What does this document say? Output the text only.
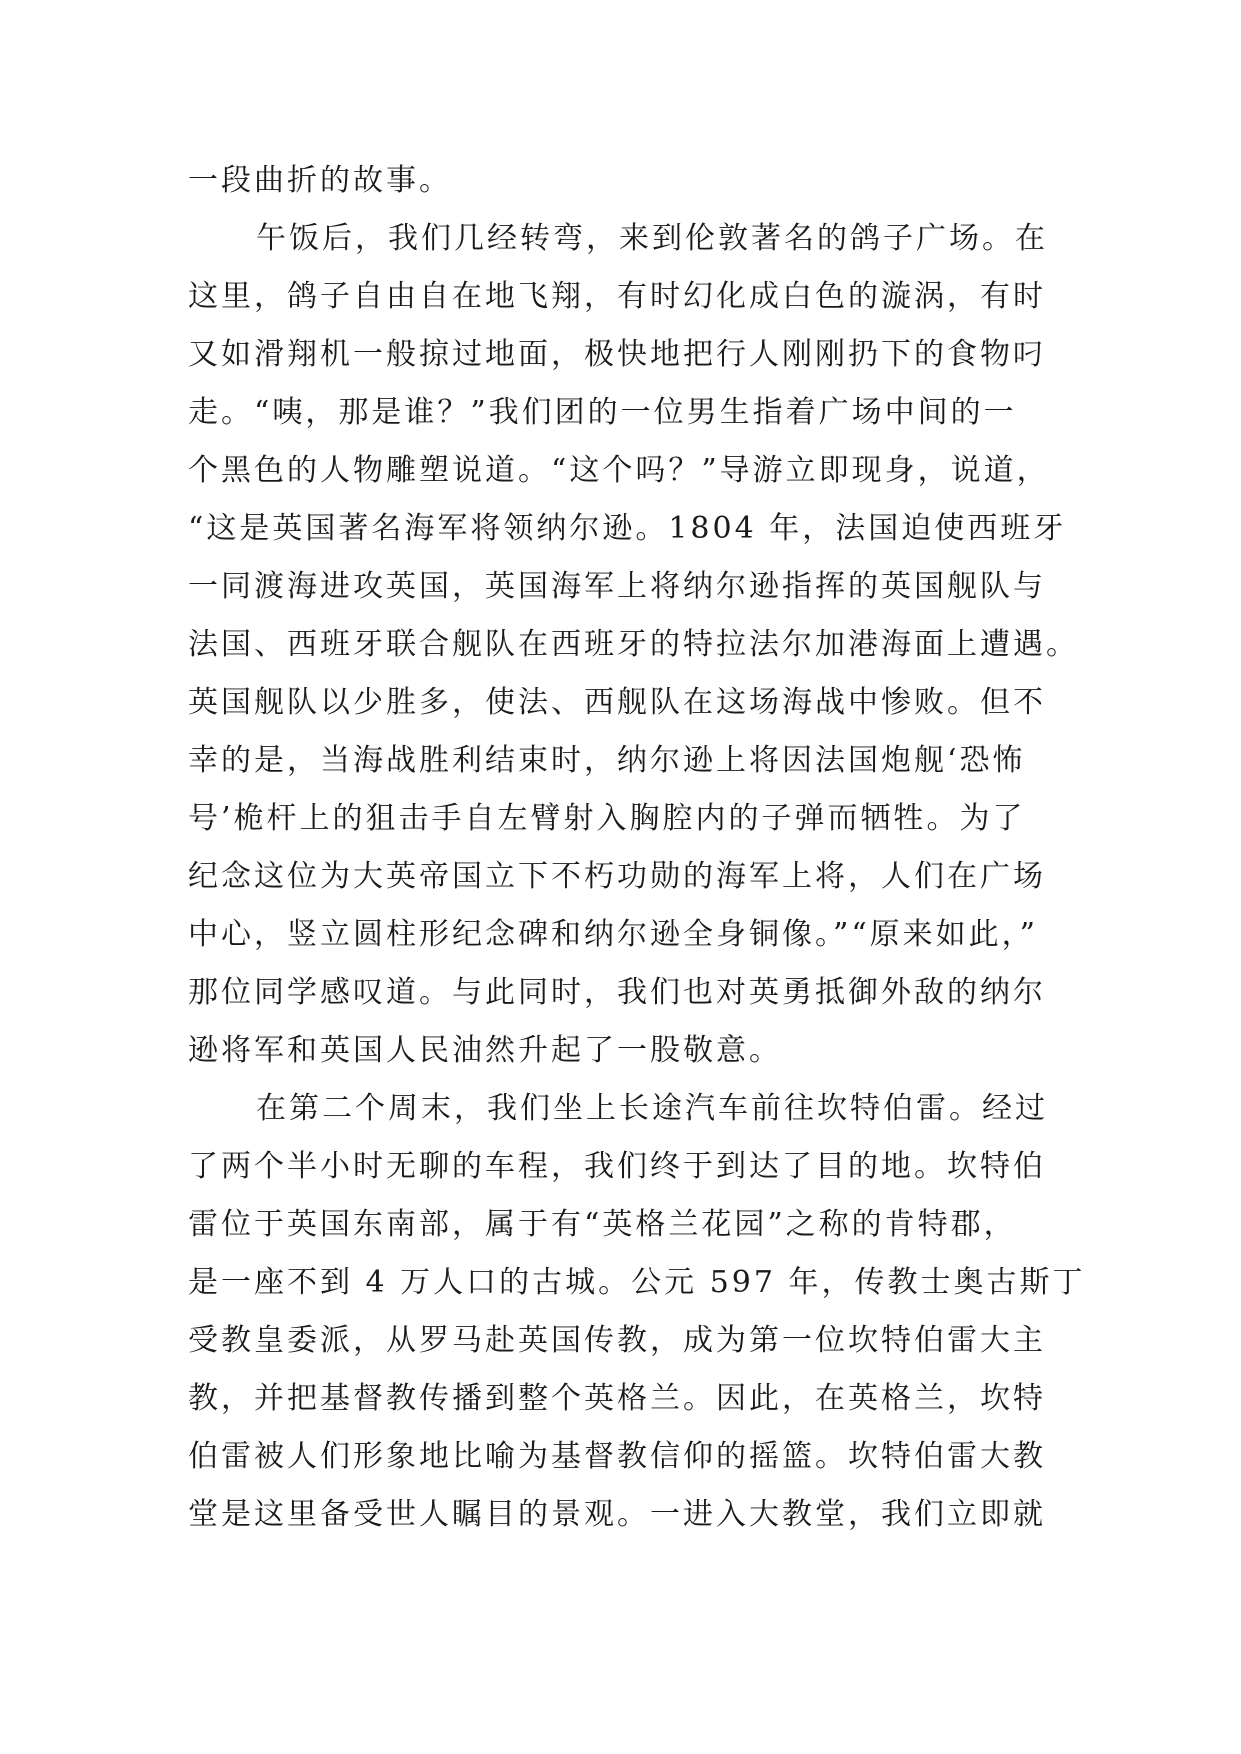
一段曲折的故事。
午饭后，我们几经转弯，来到伦敦著名的鸽子广场。在
这里，鸽子自由自在地飞翔，有时幻化成白色的漩涡，有时
又如滑翔机一般掠过地面，极快地把行人刚刚扔下的食物叼
走。“咦，那是谁？”我们团的一位男生指着广场中间的一
个黑色的人物雕塑说道。“这个吗？”导游立即现身，说道，
“这是英国著名海军将领纳尔逊。1804 年，法国迫使西班牙
一同渡海进攻英国，英国海军上将纳尔逊指挥的英国舰队与
法国、西班牙联合舰队在西班牙的特拉法尔加港海面上遭遇。
英国舰队以少胜多，使法、西舰队在这场海战中惨败。但不
幸的是，当海战胜利结束时，纳尔逊上将因法国炮舰‘恐怖
号’桅杆上的狙击手自左臂射入胸腔内的子弹而牺牲。为了
纪念这位为大英帝国立下不朽功勋的海军上将，人们在广场
中心，竖立圆柱形纪念碑和纳尔逊全身铜像。”“原来如此，”
那位同学感叹道。与此同时，我们也对英勇抵御外敌的纳尔
逊将军和英国人民油然升起了一股敬意。
在第二个周末，我们坐上长途汽车前往坎特伯雷。经过
了两个半小时无聊的车程，我们终于到达了目的地。坎特伯
雷位于英国东南部，属于有“英格兰花园”之称的肯特郡，
是一座不到 4 万人口的古城。公元 597 年，传教士奥古斯丁
受教皇委派，从罗马赴英国传教，成为第一位坎特伯雷大主
教，并把基督教传播到整个英格兰。因此，在英格兰，坎特
伯雷被人们形象地比喻为基督教信仰的摇篮。坎特伯雷大教
堂是这里备受世人瞩目的景观。一进入大教堂，我们立即就
